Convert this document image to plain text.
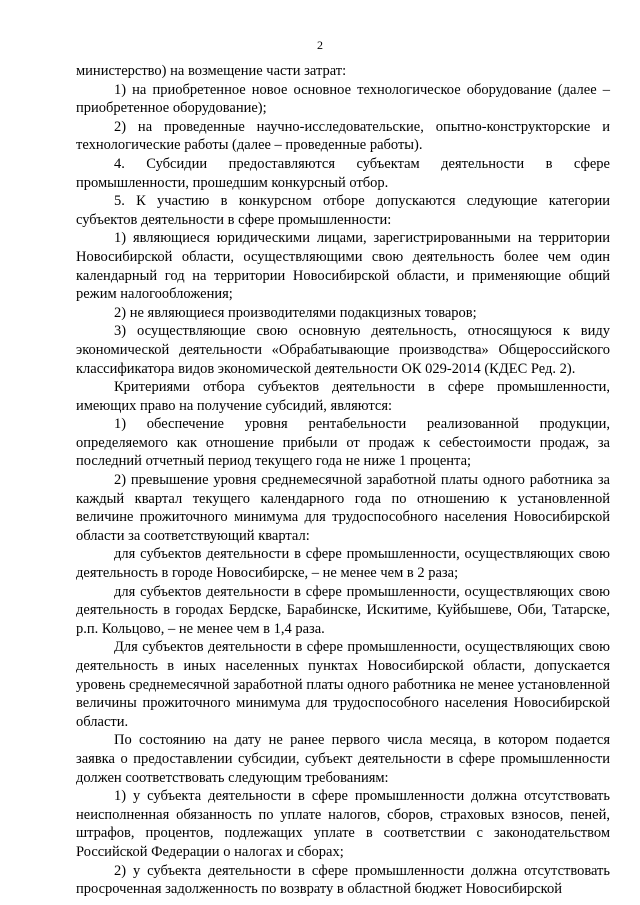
2

министерство) на возмещение части затрат:

1) на приобретенное новое основное технологическое оборудование (далее – приобретенное оборудование);

2) на проведенные научно-исследовательские, опытно-конструкторские и технологические работы (далее – проведенные работы).

4. Субсидии предоставляются субъектам деятельности в сфере промышленности, прошедшим конкурсный отбор.

5. К участию в конкурсном отборе допускаются следующие категории субъектов деятельности в сфере промышленности:

1) являющиеся юридическими лицами, зарегистрированными на территории Новосибирской области, осуществляющими свою деятельность более чем один календарный год на территории Новосибирской области, и применяющие общий режим налогообложения;

2) не являющиеся производителями подакцизных товаров;

3) осуществляющие свою основную деятельность, относящуюся к виду экономической деятельности «Обрабатывающие производства» Общероссийского классификатора видов экономической деятельности ОК 029-2014 (КДЕС Ред. 2).

Критериями отбора субъектов деятельности в сфере промышленности, имеющих право на получение субсидий, являются:

1) обеспечение уровня рентабельности реализованной продукции, определяемого как отношение прибыли от продаж к себестоимости продаж, за последний отчетный период текущего года не ниже 1 процента;

2) превышение уровня среднемесячной заработной платы одного работника за каждый квартал текущего календарного года по отношению к установленной величине прожиточного минимума для трудоспособного населения Новосибирской области за соответствующий квартал:

для субъектов деятельности в сфере промышленности, осуществляющих свою деятельность в городе Новосибирске, – не менее чем в 2 раза;

для субъектов деятельности в сфере промышленности, осуществляющих свою деятельность в городах Бердске, Барабинске, Искитиме, Куйбышеве, Оби, Татарске, р.п. Кольцово, – не менее чем в 1,4 раза.

Для субъектов деятельности в сфере промышленности, осуществляющих свою деятельность в иных населенных пунктах Новосибирской области, допускается уровень среднемесячной заработной платы одного работника не менее установленной величины прожиточного минимума для трудоспособного населения Новосибирской области.

По состоянию на дату не ранее первого числа месяца, в котором подается заявка о предоставлении субсидии, субъект деятельности в сфере промышленности должен соответствовать следующим требованиям:

1) у субъекта деятельности в сфере промышленности должна отсутствовать неисполненная обязанность по уплате налогов, сборов, страховых взносов, пеней, штрафов, процентов, подлежащих уплате в соответствии с законодательством Российской Федерации о налогах и сборах;

2) у субъекта деятельности в сфере промышленности должна отсутствовать просроченная задолженность по возврату в областной бюджет Новосибирской
